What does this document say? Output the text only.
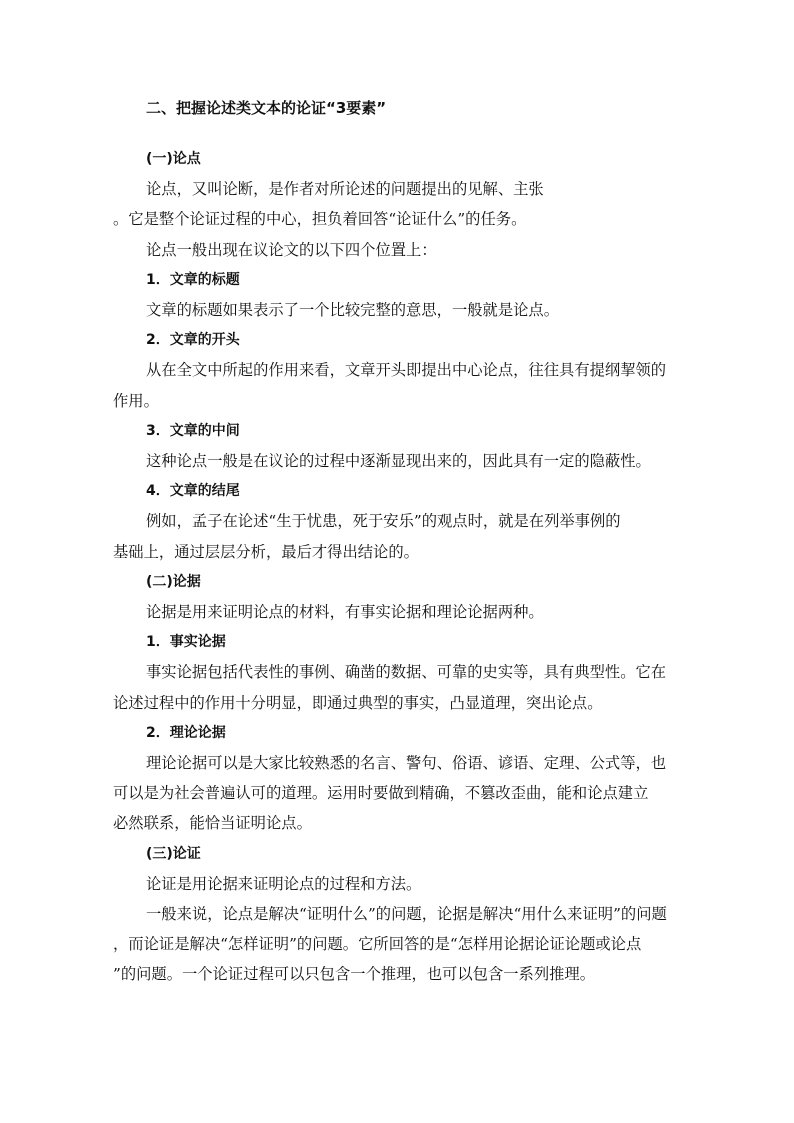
二、把握论述类文本的论证“3要素”

(一)论点

论点，又叫论断，是作者对所论述的问题提出的见解、主张

。它是整个论证过程的中心，担负着回答“论证什么”的任务。

论点一般出现在议论文的以下四个位置上：

1．文章的标题

文章的标题如果表示了一个比较完整的意思，一般就是论点。

2．文章的开头

从在全文中所起的作用来看，文章开头即提出中心论点，往往具有提纲挈领的

作用。

3．文章的中间

这种论点一般是在议论的过程中逐渐显现出来的，因此具有一定的隐蔽性。

4．文章的结尾

例如，孟子在论述“生于忧患，死于安乐”的观点时，就是在列举事例的

基础上，通过层层分析，最后才得出结论的。

(二)论据

论据是用来证明论点的材料，有事实论据和理论论据两种。

1．事实论据

事实论据包括代表性的事例、确凿的数据、可靠的史实等，具有典型性。它在

论述过程中的作用十分明显，即通过典型的事实，凸显道理，突出论点。

2．理论论据

理论论据可以是大家比较熟悉的名言、警句、俗语、谚语、定理、公式等，也

可以是为社会普遍认可的道理。运用时要做到精确，不篡改歪曲，能和论点建立

必然联系，能恰当证明论点。

(三)论证

论证是用论据来证明论点的过程和方法。

一般来说，论点是解决“证明什么”的问题，论据是解决“用什么来证明”的问题

，而论证是解决“怎样证明”的问题。它所回答的是“怎样用论据论证论题或论点

”的问题。一个论证过程可以只包含一个推理，也可以包含一系列推理。
